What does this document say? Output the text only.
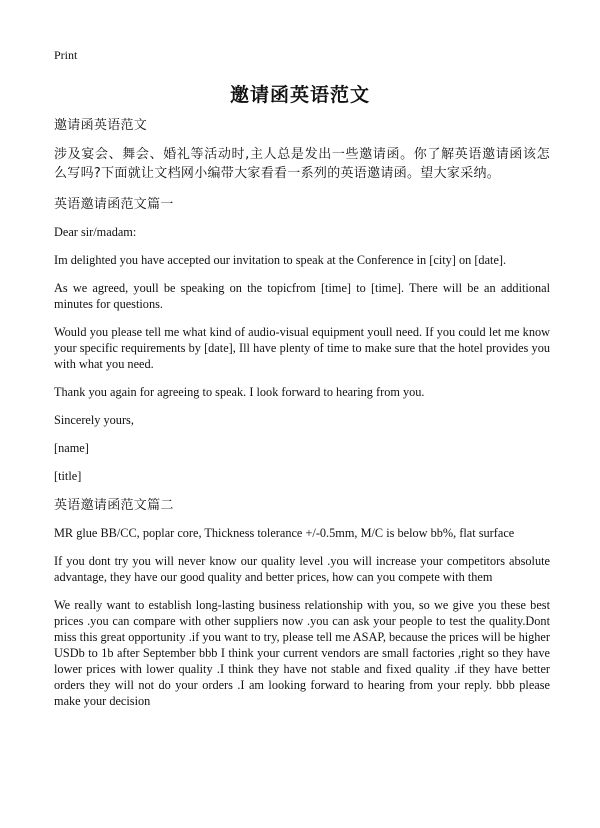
Print
邀请函英语范文

邀请函英语范文

涉及宴会、舞会、婚礼等活动时,主人总是发出一些邀请函。你了解英语邀请函该怎么写吗?下面就让文档网小编带大家看看一系列的英语邀请函。望大家采纳。

英语邀请函范文篇一

Dear sir/madam:

Im delighted you have accepted our invitation to speak at the Conference in [city] on [date].

As we agreed, youll be speaking on the topicfrom [time] to [time]. There will be an additional minutes for questions.

Would you please tell me what kind of audio-visual equipment youll need. If you could let me know your specific requirements by [date], Ill have plenty of time to make sure that the hotel provides you with what you need.

Thank you again for agreeing to speak. I look forward to hearing from you.

Sincerely yours,

[name]

[title]

英语邀请函范文篇二

MR glue BB/CC, poplar core, Thickness tolerance +/-0.5mm, M/C is below bb%, flat surface

If you dont try you will never know our quality level .you will increase your competitors absolute advantage, they have our good quality and better prices, how can you compete with them

We really want to establish long-lasting business relationship with you, so we give you these best prices .you can compare with other suppliers now .you can ask your people to test the quality.Dont miss this great opportunity .if you want to try, please tell me ASAP, because the prices will be higher USDb to 1b after September bbb I think your current vendors are small factories ,right so they have lower prices with lower quality .I think they have not stable and fixed quality .if they have better orders they will not do your orders .I am looking forward to hearing from your reply. bbb please make your decision
